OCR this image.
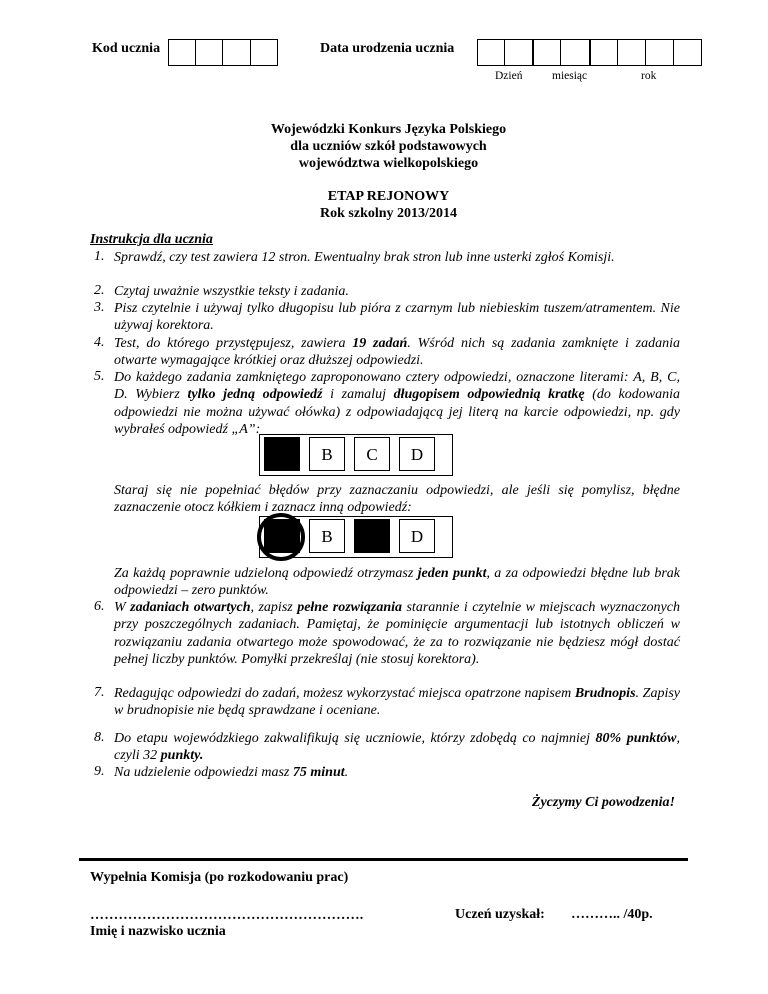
Kod ucznia	Data urodzenia ucznia
Dzień	miesiąc	rok
Wojewódzki Konkurs Języka Polskiego
dla uczniów szkół podstawowych
województwa wielkopolskiego
ETAP REJONOWY
Rok szkolny 2013/2014
Instrukcja dla ucznia
1. Sprawdź, czy test zawiera 12 stron. Ewentualny brak stron lub inne usterki zgłoś Komisji.
2. Czytaj uważnie wszystkie teksty i zadania.
3. Pisz czytelnie i używaj tylko długopisu lub pióra z czarnym lub niebieskim tuszem/atramentem. Nie używaj korektora.
4. Test, do którego przystępujesz, zawiera 19 zadań. Wśród nich są zadania zamknięte i zadania otwarte wymagające krótkiej oraz dłuższej odpowiedzi.
5. Do każdego zadania zamkniętego zaproponowano cztery odpowiedzi, oznaczone literami: A, B, C, D. Wybierz tylko jedną odpowiedź i zamaluj długopisem odpowiednią kratkę (do kodowania odpowiedzi nie można używać ołówka) z odpowiadającą jej literą na karcie odpowiedzi, np. gdy wybrałeś odpowiedź „A”:
B	C	D
Staraj się nie popełniać błędów przy zaznaczaniu odpowiedzi, ale jeśli się pomylisz, błędne zaznaczenie otocz kółkiem i zaznacz inną odpowiedź:
B	D
Za każdą poprawnie udzieloną odpowiedź otrzymasz jeden punkt, a za odpowiedzi błędne lub brak odpowiedzi – zero punktów.
6. W zadaniach otwartych, zapisz pełne rozwiązania starannie i czytelnie w miejscach wyznaczonych przy poszczególnych zadaniach. Pamiętaj, że pominięcie argumentacji lub istotnych obliczeń w rozwiązaniu zadania otwartego może spowodować, że za to rozwiązanie nie będziesz mógł dostać pełnej liczby punktów. Pomyłki przekreślaj (nie stosuj korektora).
7. Redagując odpowiedzi do zadań, możesz wykorzystać miejsca opatrzone napisem Brudnopis. Zapisy w brudnopisie nie będą sprawdzane i oceniane.
8. Do etapu wojewódzkiego zakwalifikują się uczniowie, którzy zdobędą co najmniej 80% punktów, czyli 32 punkty.
9. Na udzielenie odpowiedzi masz 75 minut.
Życzymy Ci powodzenia!
Wypełnia Komisja (po rozkodowaniu prac)
………………………………………………….
Imię i nazwisko ucznia
Uczeń uzyskał: ……….. /40p.
